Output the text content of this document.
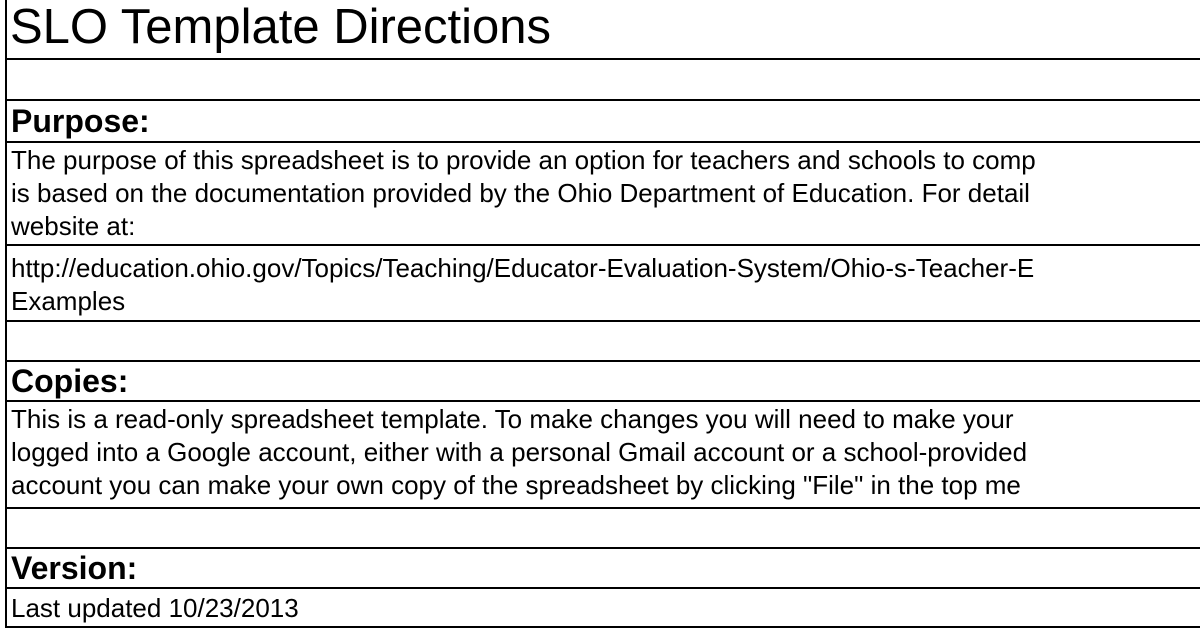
SLO Template Directions
Purpose:
The purpose of this spreadsheet is to provide an option for teachers and schools to comp
is based on the documentation provided by the Ohio Department of Education. For detail
website at:
http://education.ohio.gov/Topics/Teaching/Educator-Evaluation-System/Ohio-s-Teacher-E
Examples
Copies:
This is a read-only spreadsheet template. To make changes you will need to make your
logged into a Google account, either with a personal Gmail account or a school-provided
account you can make your own copy of the spreadsheet by clicking "File" in the top me
Version:
Last updated 10/23/2013
